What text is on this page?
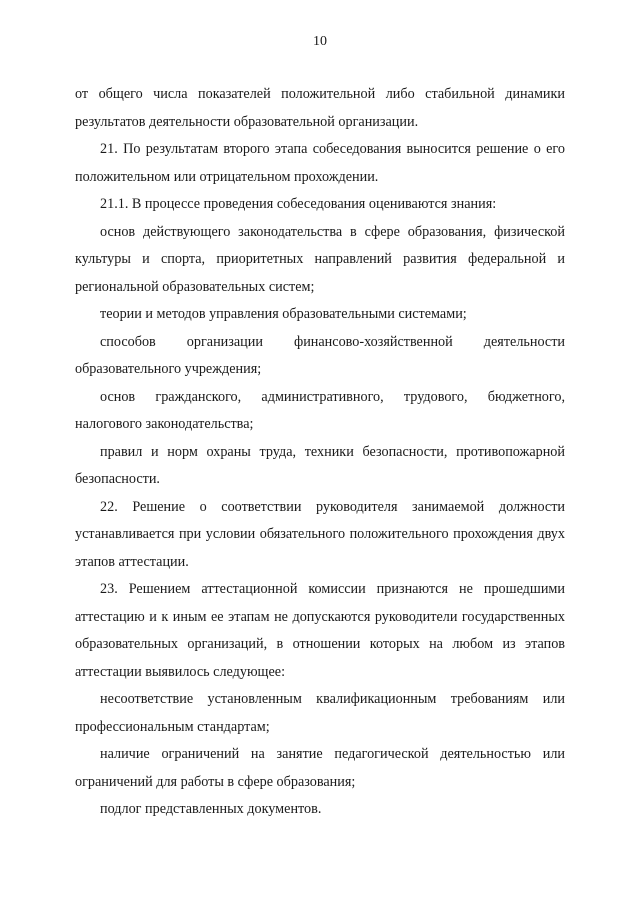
10

от общего числа показателей положительной либо стабильной динамики результатов деятельности образовательной организации.

21. По результатам второго этапа собеседования выносится решение о его положительном или отрицательном прохождении.

21.1. В процессе проведения собеседования оцениваются знания:

основ действующего законодательства в сфере образования, физической культуры и спорта, приоритетных направлений развития федеральной и региональной образовательных систем;

теории и методов управления образовательными системами;

способов организации финансово-хозяйственной деятельности образовательного учреждения;

основ гражданского, административного, трудового, бюджетного, налогового законодательства;

правил и норм охраны труда, техники безопасности, противопожарной безопасности.

22. Решение о соответствии руководителя занимаемой должности устанавливается при условии обязательного положительного прохождения двух этапов аттестации.

23. Решением аттестационной комиссии признаются не прошедшими аттестацию и к иным ее этапам не допускаются руководители государственных образовательных организаций, в отношении которых на любом из этапов аттестации выявилось следующее:

несоответствие установленным квалификационным требованиям или профессиональным стандартам;

наличие ограничений на занятие педагогической деятельностью или ограничений для работы в сфере образования;

подлог представленных документов.
